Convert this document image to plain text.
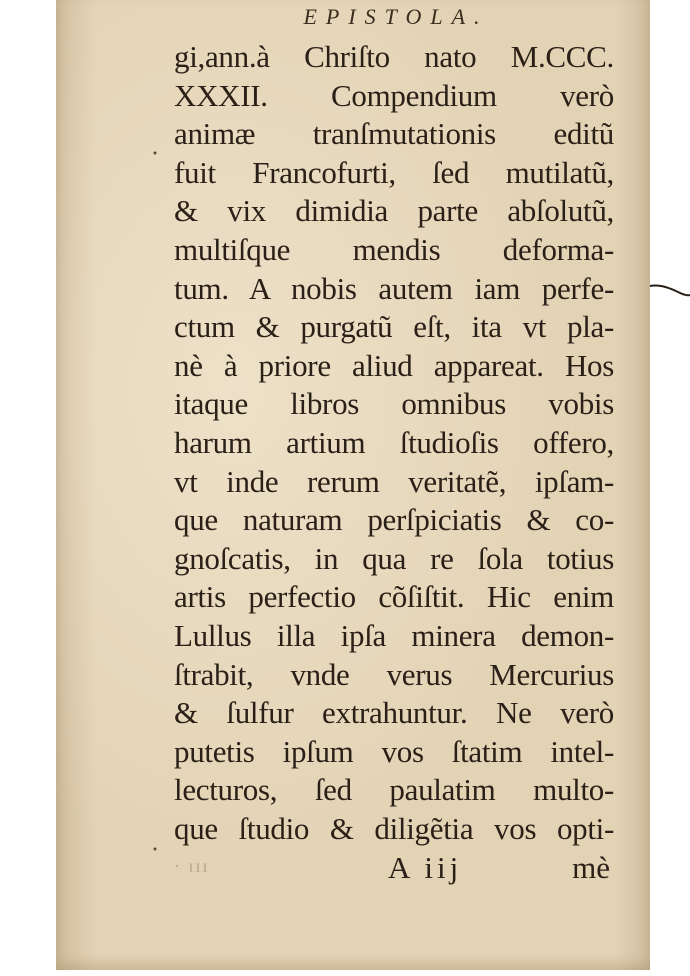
EPISTOLA.
gi,ann.à Chriſto nato M.CCC.
XXXII. Compendium verò
animæ tranſmutationis editũ
fuit Francofurti, ſed mutilatũ,
& vix dimidia parte abſolutũ,
multiſque mendis deforma-
tum. A nobis autem iam perfe-
ctum & purgatũ eſt, ita vt pla-
nè à priore aliud appareat. Hos
itaque libros omnibus vobis
harum artium ſtudioſis offero,
vt inde rerum veritatẽ, ipſam-
que naturam perſpiciatis & co-
gnoſcatis, in qua re ſola totius
artis perfectio cõſiſtit. Hic enim
Lullus illa ipſa minera demon-
ſtrabit, vnde verus Mercurius
& ſulfur extrahuntur. Ne verò
putetis ipſum vos ſtatim intel-
lecturos, ſed paulatim multo-
que ſtudio & diligẽtia vos opti-
· ɪɪɪ	A iij	mè
